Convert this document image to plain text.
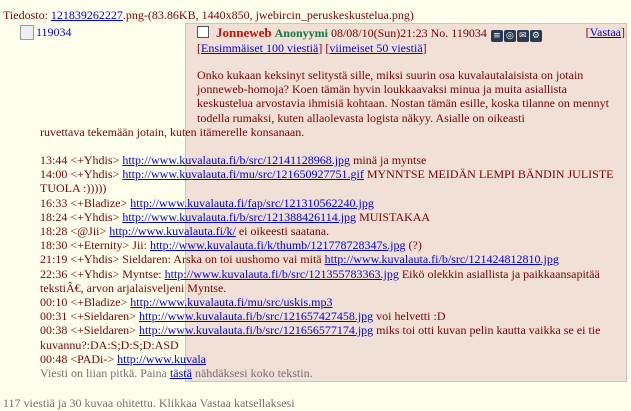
Tiedosto: 121839262227.png-(83.86KB, 1440x850, jwebircin_peruskeskustelua.png)
119034	Jonneweb Anonyymi 08/08/10(Sun)21:23 No. 119034 ≡ ◎ ✉ ⚙	[Vastaa]
[Ensimmäiset 100 viestiä] [viimeiset 50 viestiä]

Onko kukaan keksinyt selitystä sille, miksi suurin osa kuvalautalaisista on jotain jonneweb-homoja? Koen tämän hyvin loukkaavaksi minua ja muita asiallista keskustelua arvostavia ihmisiä kohtaan. Nostan tämän esille, koska tilanne on mennyt todella rumaksi, kuten allaolevasta logista näkyy. Asialle on oikeasti

ruvettava tekemään jotain, kuten itämerelle konsanaan.

13:44 <+Yhdis> http://www.kuvalauta.fi/b/src/12141128968.jpg minä ja myntse
14:00 <+Yhdis> http://www.kuvalauta.fi/mu/src/121650927751.gif MYNNTSE MEIDÄN LEMPI BÄNDIN JULISTE TUOLA :)))))
16:33 <+Bladize> http://www.kuvalauta.fi/fap/src/121310562240.jpg
18:24 <+Yhdis> http://www.kuvalauta.fi/b/src/121388426114.jpg MUISTAKAA
18:28 <@Jii> http://www.kuvalauta.fi/k/ ei oikeesti saatana.
18:30 <+Eternity> Jii: http://www.kuvalauta.fi/k/thumb/121778728347s.jpg (?)
21:19 <+Yhdis> Sieldaren: Arska on toi uushomo vai mitä http://www.kuvalauta.fi/b/src/121424812810.jpg
22:36 <+Yhdis> Myntse: http://www.kuvalauta.fi/b/src/121355783363.jpg Eikö olekkin asiallista ja paikkaansapitää tekstiÂ€, arvon arjalaisveljeni Myntse.
00:10 <+Bladize> http://www.kuvalauta.fi/mu/src/uskis.mp3
00:31 <+Sieldaren> http://www.kuvalauta.fi/b/src/121657427458.jpg voi helvetti :D
00:38 <+Sieldaren> http://www.kuvalauta.fi/b/src/121656577174.jpg miks toi otti kuvan pelin kautta vaikka se ei tie kuvannu?:DA:S;D:S;D:ASD
00:48 <PADi-> http://www.kuvala

Viesti on liian pitkä. Paina tästä nähdäksesi koko tekstin.

117 viestiä ja 30 kuvaa ohitettu. Klikkaa Vastaa katsellaksesi
